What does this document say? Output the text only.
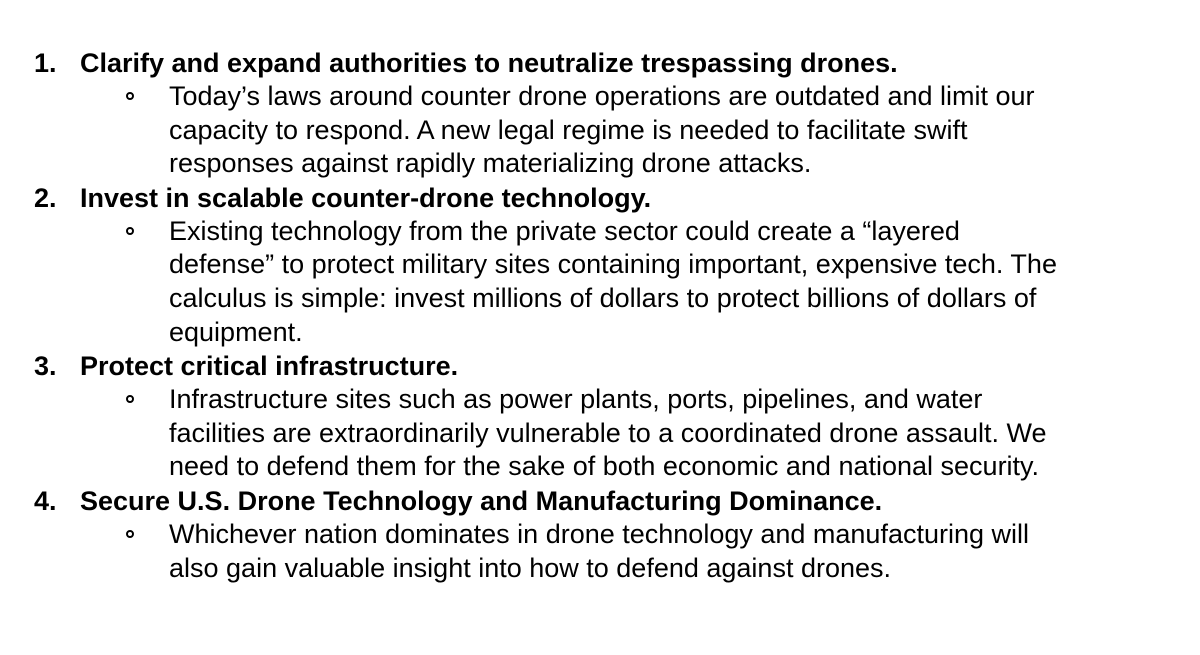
1. Clarify and expand authorities to neutralize trespassing drones.
Today’s laws around counter drone operations are outdated and limit our
capacity to respond. A new legal regime is needed to facilitate swift
responses against rapidly materializing drone attacks.
2. Invest in scalable counter-drone technology.
Existing technology from the private sector could create a “layered
defense” to protect military sites containing important, expensive tech. The
calculus is simple: invest millions of dollars to protect billions of dollars of
equipment.
3. Protect critical infrastructure.
Infrastructure sites such as power plants, ports, pipelines, and water
facilities are extraordinarily vulnerable to a coordinated drone assault. We
need to defend them for the sake of both economic and national security.
4. Secure U.S. Drone Technology and Manufacturing Dominance.
Whichever nation dominates in drone technology and manufacturing will
also gain valuable insight into how to defend against drones.
